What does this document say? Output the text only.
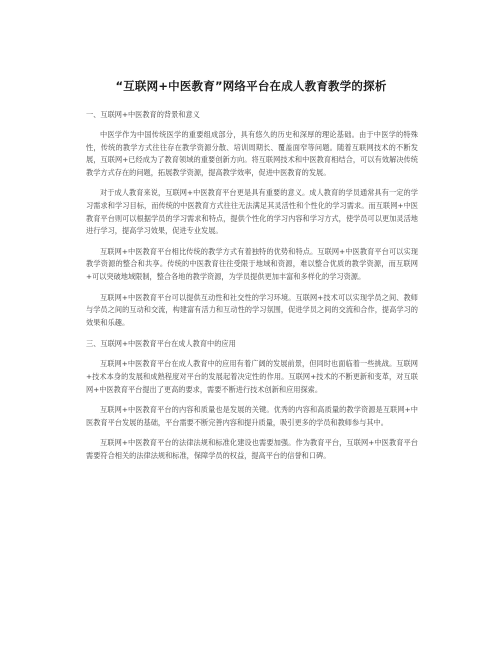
“互联网+中医教育”网络平台在成人教育教学的探析
一、互联网+中医教育的背景和意义

中医学作为中国传统医学的重要组成部分，具有悠久的历史和深厚的理论基础。由于中医学的特殊性，传统的教学方式往往存在教学资源分散、培训周期长、覆盖面窄等问题。随着互联网技术的不断发展，互联网+已经成为了教育领域的重要创新方向。将互联网技术和中医教育相结合，可以有效解决传统教学方式存在的问题，拓展教学资源，提高教学效率，促进中医教育的发展。

对于成人教育来说，互联网+中医教育平台更是具有重要的意义。成人教育的学员通常具有一定的学习需求和学习目标，而传统的中医教育方式往往无法满足其灵活性和个性化的学习需求。而互联网+中医教育平台则可以根据学员的学习需求和特点，提供个性化的学习内容和学习方式，使学员可以更加灵活地进行学习，提高学习效果，促进专业发展。

互联网+中医教育平台相比传统的教学方式有着独特的优势和特点。互联网+中医教育平台可以实现教学资源的整合和共享。传统的中医教育往往受限于地域和资源，难以整合优质的教学资源，而互联网+可以突破地域限制，整合各地的教学资源，为学员提供更加丰富和多样化的学习资源。

互联网+中医教育平台可以提供互动性和社交性的学习环境。互联网+技术可以实现学员之间、教师与学员之间的互动和交流，构建富有活力和互动性的学习氛围，促进学员之间的交流和合作，提高学习的效果和乐趣。

三、互联网+中医教育平台在成人教育中的应用

互联网+中医教育平台在成人教育中的应用有着广阔的发展前景，但同时也面临着一些挑战。互联网+技术本身的发展和成熟程度对平台的发展起着决定性的作用。互联网+技术的不断更新和变革，对互联网+中医教育平台提出了更高的要求，需要不断进行技术创新和应用探索。

互联网+中医教育平台的内容和质量也是发展的关键。优秀的内容和高质量的教学资源是互联网+中医教育平台发展的基础，平台需要不断完善内容和提升质量，吸引更多的学员和教师参与其中。

互联网+中医教育平台的法律法规和标准化建设也需要加强。作为教育平台，互联网+中医教育平台需要符合相关的法律法规和标准，保障学员的权益，提高平台的信誉和口碑。
